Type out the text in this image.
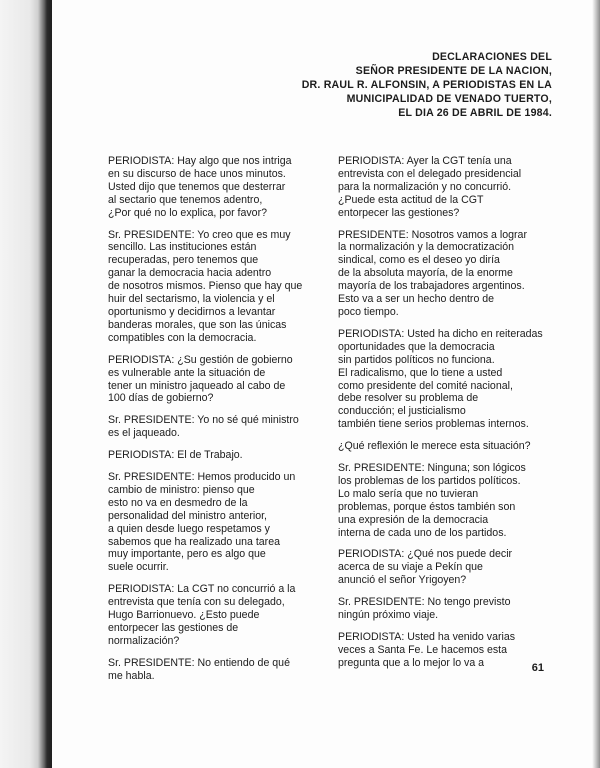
DECLARACIONES DEL
SEÑOR PRESIDENTE DE LA NACION,
DR. RAUL R. ALFONSIN, A PERIODISTAS EN LA
MUNICIPALIDAD DE VENADO TUERTO,
EL DIA 26 DE ABRIL DE 1984.
PERIODISTA: Hay algo que nos intriga
en su discurso de hace unos minutos.
Usted dijo que tenemos que desterrar
al sectario que tenemos adentro,
¿Por qué no lo explica, por favor?
Sr. PRESIDENTE: Yo creo que es muy
sencillo. Las instituciones están
recuperadas, pero tenemos que
ganar la democracia hacia adentro
de nosotros mismos. Pienso que hay que
huir del sectarismo, la violencia y el
oportunismo y decidirnos a levantar
banderas morales, que son las únicas
compatibles con la democracia.
PERIODISTA: ¿Su gestión de gobierno
es vulnerable ante la situación de
tener un ministro jaqueado al cabo de
100 días de gobierno?
Sr. PRESIDENTE: Yo no sé qué ministro
es el jaqueado.
PERIODISTA: El de Trabajo.
Sr. PRESIDENTE: Hemos producido un
cambio de ministro: pienso que
esto no va en desmedro de la
personalidad del ministro anterior,
a quien desde luego respetamos y
sabemos que ha realizado una tarea
muy importante, pero es algo que
suele ocurrir.
PERIODISTA: La CGT no concurrió a la
entrevista que tenía con su delegado,
Hugo Barrionuevo. ¿Esto puede
entorpecer las gestiones de
normalización?
Sr. PRESIDENTE: No entiendo de qué
me habla.
PERIODISTA: Ayer la CGT tenía una
entrevista con el delegado presidencial
para la normalización y no concurrió.
¿Puede esta actitud de la CGT
entorpecer las gestiones?
PRESIDENTE: Nosotros vamos a lograr
la normalización y la democratización
sindical, como es el deseo yo diría
de la absoluta mayoría, de la enorme
mayoría de los trabajadores argentinos.
Esto va a ser un hecho dentro de
poco tiempo.
PERIODISTA: Usted ha dicho en reiteradas
oportunidades que la democracia
sin partidos políticos no funciona.
El radicalismo, que lo tiene a usted
como presidente del comité nacional,
debe resolver su problema de
conducción; el justicialismo
también tiene serios problemas internos.
¿Qué reflexión le merece esta situación?
Sr. PRESIDENTE: Ninguna; son lógicos
los problemas de los partidos políticos.
Lo malo sería que no tuvieran
problemas, porque éstos también son
una expresión de la democracia
interna de cada uno de los partidos.
PERIODISTA: ¿Qué nos puede decir
acerca de su viaje a Pekín que
anunció el señor Yrigoyen?
Sr. PRESIDENTE: No tengo previsto
ningún próximo viaje.
PERIODISTA: Usted ha venido varias
veces a Santa Fe. Le hacemos esta
pregunta que a lo mejor lo va a	61
